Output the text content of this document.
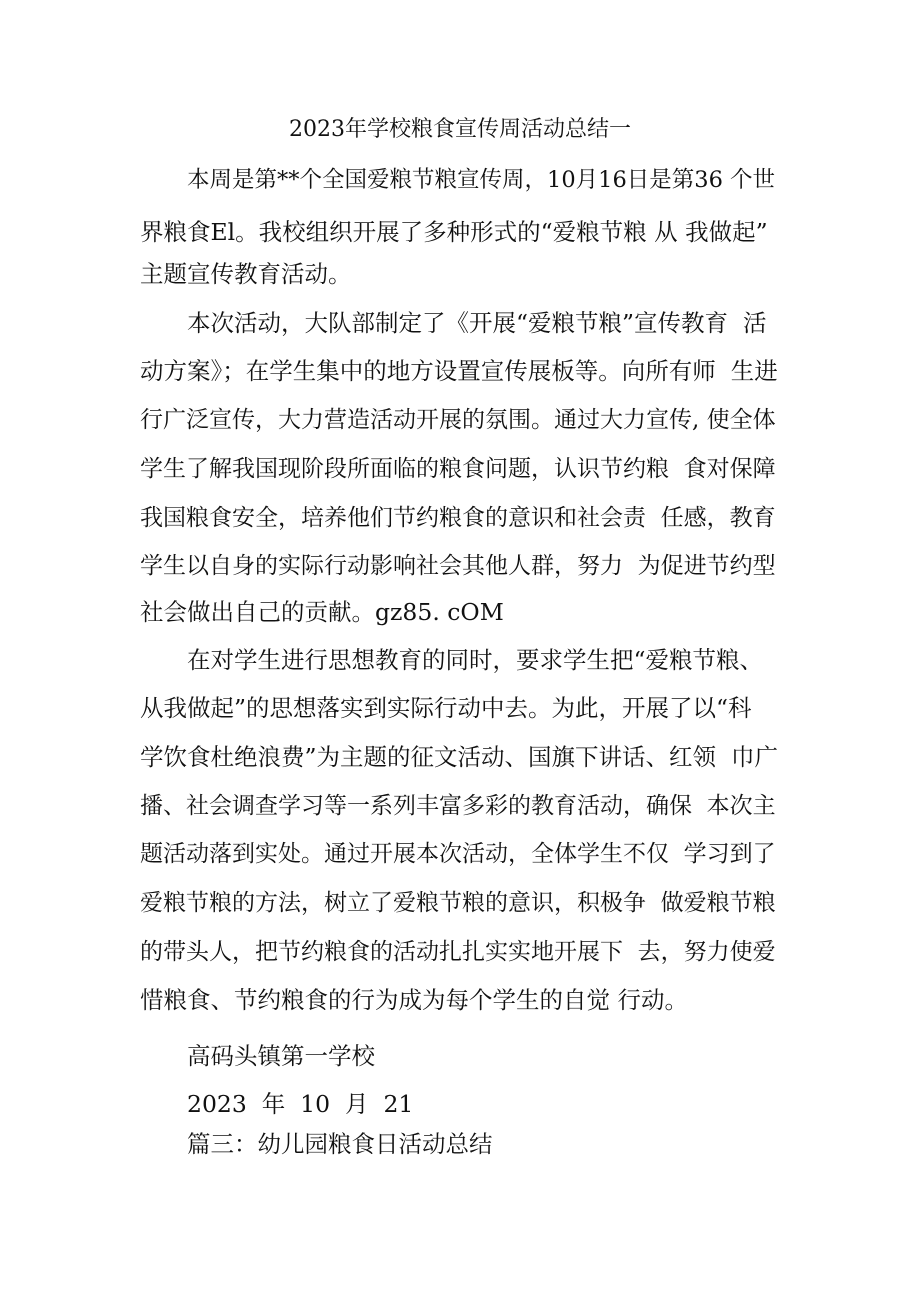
2023年学校粮食宣传周活动总结一
本周是第**个全国爱粮节粮宣传周，10月16日是第36 个世
界粮食El。我校组织开展了多种形式的“爱粮节粮 从 我做起”
主题宣传教育活动。
本次活动，大队部制定了《开展“爱粮节粮”宣传教育  活
动方案》；在学生集中的地方设置宣传展板等。向所有师  生进
行广泛宣传，大力营造活动开展的氛围。通过大力宣传, 使全体
学生了解我国现阶段所面临的粮食问题，认识节约粮  食对保障
我国粮食安全，培养他们节约粮食的意识和社会责  任感，教育
学生以自身的实际行动影响社会其他人群，努力  为促进节约型
社会做出自己的贡献。gz85. cOM
在对学生进行思想教育的同时，要求学生把“爱粮节粮、
从我做起”的思想落实到实际行动中去。为此，开展了以“科
学饮食杜绝浪费”为主题的征文活动、国旗下讲话、红领  巾广
播、社会调查学习等一系列丰富多彩的教育活动，确保  本次主
题活动落到实处。通过开展本次活动，全体学生不仅  学习到了
爱粮节粮的方法，树立了爱粮节粮的意识，积极争  做爱粮节粮
的带头人，把节约粮食的活动扎扎实实地开展下  去，努力使爱
惜粮食、节约粮食的行为成为每个学生的自觉 行动。
高码头镇第一学校
2023  年  10  月  21
篇三：幼儿园粮食日活动总结
